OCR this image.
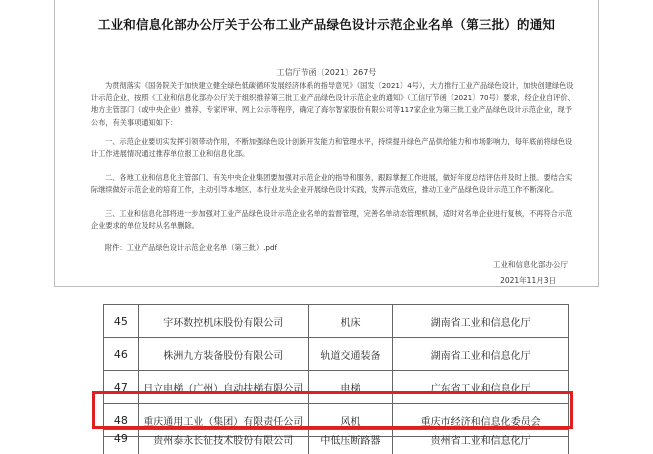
工业和信息化部办公厅关于公布工业产品绿色设计示范企业名单（第三批）的通知
工信厅节函〔2021〕267号

为贯彻落实《国务院关于加快建立健全绿色低碳循环发展经济体系的指导意见》（国发〔2021〕4号），大力推行工业产品绿色设计，加快创建绿色设计示范企业，按照《工业和信息化部办公厅关于组织推荐第三批工业产品绿色设计示范企业的通知》（工信厅节函〔2021〕70号）要求，经企业自评价、地方主管部门（或中央企业）推荐、专家评审、网上公示等程序，确定了海尔智家股份有限公司等117家企业为第三批工业产品绿色设计示范企业，现予公布，有关事项通知如下：

一、示范企业要切实发挥引领带动作用，不断加强绿色设计创新开发能力和管理水平，持续提升绿色产品供给能力和市场影响力，每年底前将绿色设计工作进展情况通过推荐单位报工业和信息化部。

二、各地工业和信息化主管部门、有关中央企业集团要加强对示范企业的指导和服务，跟踪掌握工作进展，做好年度总结评估并及时上报。要结合实际继续做好示范企业的培育工作，主动引导本地区、本行业龙头企业开展绿色设计实践，发挥示范效应，推动工业产品绿色设计示范工作不断深化。

三、工业和信息化部将进一步加强对工业产品绿色设计示范企业名单的监督管理，完善名单动态管理机制，适时对名单企业进行复核，不再符合示范企业要求的单位及时从名单删除。

附件：工业产品绿色设计示范企业名单（第三批）.pdf
工业和信息化部办公厅
2021年11月3日
45	宇环数控机床股份有限公司	机床	湖南省工业和信息化厅
46	株洲九方装备股份有限公司	轨道交通装备	湖南省工业和信息化厅
47	日立电梯（广州）自动扶梯有限公司	电梯	广东省工业和信息化厅
48	重庆通用工业（集团）有限责任公司	风机	重庆市经济和信息化委员会
49	贵州泰永长征技术股份有限公司	中低压断路器	贵州省工业和信息化厅
